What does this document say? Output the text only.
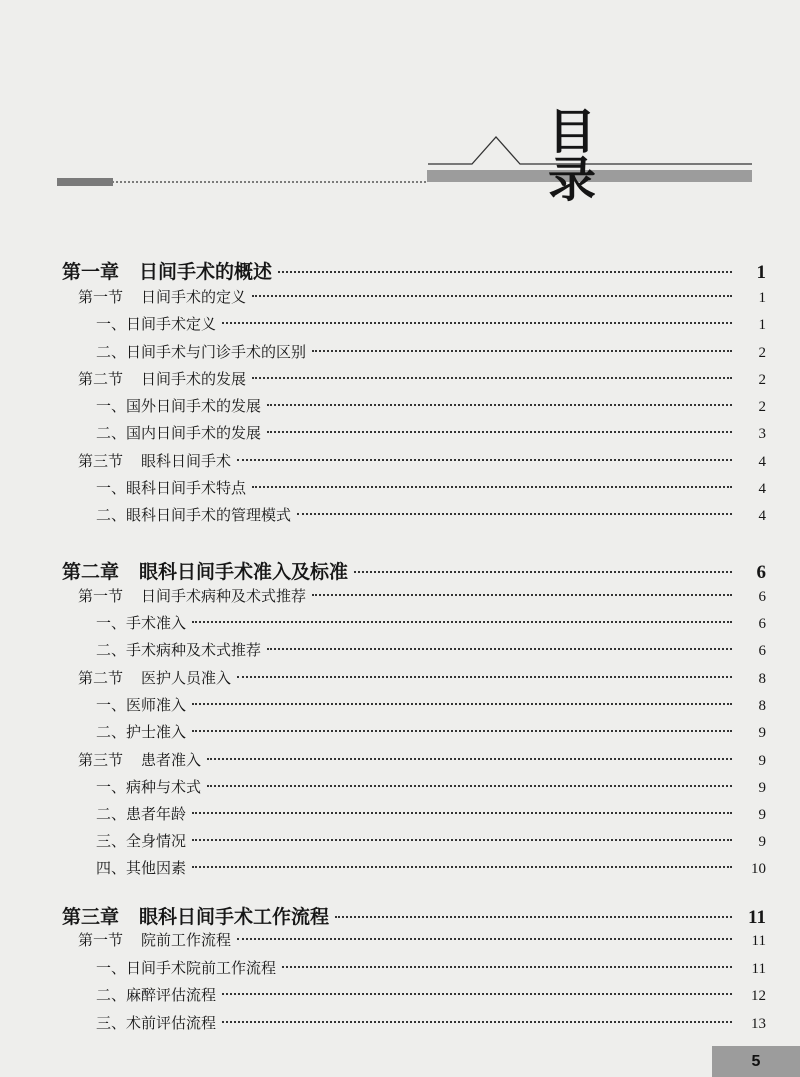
目 录
第一章 日间手术的概述	1
第一节 日间手术的定义	1
一、日间手术定义	1
二、日间手术与门诊手术的区别	2
第二节 日间手术的发展	2
一、国外日间手术的发展	2
二、国内日间手术的发展	3
第三节 眼科日间手术	4
一、眼科日间手术特点	4
二、眼科日间手术的管理模式	4
第二章 眼科日间手术准入及标准	6
第一节 日间手术病种及术式推荐	6
一、手术准入	6
二、手术病种及术式推荐	6
第二节 医护人员准入	8
一、医师准入	8
二、护士准入	9
第三节 患者准入	9
一、病种与术式	9
二、患者年龄	9
三、全身情况	9
四、其他因素	10
第三章 眼科日间手术工作流程	11
第一节 院前工作流程	11
一、日间手术院前工作流程	11
二、麻醉评估流程	12
三、术前评估流程	13
5
